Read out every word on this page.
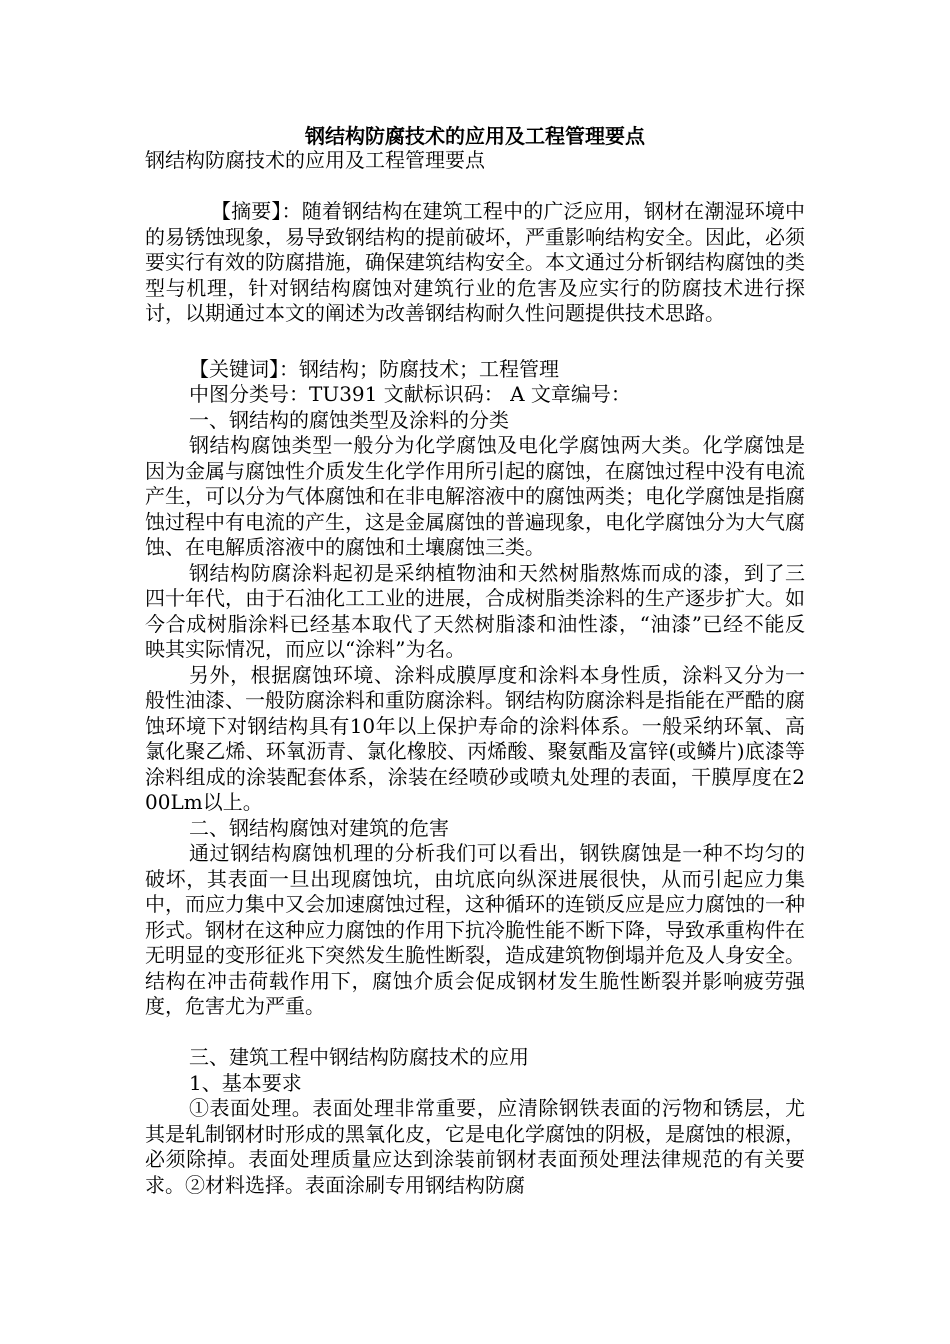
钢结构防腐技术的应用及工程管理要点

钢结构防腐技术的应用及工程管理要点

【摘要】：随着钢结构在建筑工程中的广泛应用，钢材在潮湿环境中的易锈蚀现象，易导致钢结构的提前破坏，严重影响结构安全。因此，必须要实行有效的防腐措施，确保建筑结构安全。本文通过分析钢结构腐蚀的类型与机理，针对钢结构腐蚀对建筑行业的危害及应实行的防腐技术进行探讨，以期通过本文的阐述为改善钢结构耐久性问题提供技术思路。

【关键词】：钢结构；防腐技术；工程管理

中图分类号：TU391 文献标识码： A 文章编号：

一、钢结构的腐蚀类型及涂料的分类

钢结构腐蚀类型一般分为化学腐蚀及电化学腐蚀两大类。化学腐蚀是因为金属与腐蚀性介质发生化学作用所引起的腐蚀，在腐蚀过程中没有电流产生，可以分为气体腐蚀和在非电解溶液中的腐蚀两类；电化学腐蚀是指腐蚀过程中有电流的产生，这是金属腐蚀的普遍现象，电化学腐蚀分为大气腐蚀、在电解质溶液中的腐蚀和土壤腐蚀三类。

钢结构防腐涂料起初是采纳植物油和天然树脂熬炼而成的漆，到了三四十年代，由于石油化工工业的进展，合成树脂类涂料的生产逐步扩大。如今合成树脂涂料已经基本取代了天然树脂漆和油性漆，“油漆”已经不能反映其实际情况，而应以“涂料”为名。

另外，根据腐蚀环境、涂料成膜厚度和涂料本身性质，涂料又分为一般性油漆、一般防腐涂料和重防腐涂料。钢结构防腐涂料是指能在严酷的腐蚀环境下对钢结构具有10年以上保护寿命的涂料体系。一般采纳环氧、高氯化聚乙烯、环氧沥青、氯化橡胶、丙烯酸、聚氨酯及富锌(或鳞片)底漆等涂料组成的涂装配套体系，涂装在经喷砂或喷丸处理的表面，干膜厚度在200Lm以上。

二、钢结构腐蚀对建筑的危害

通过钢结构腐蚀机理的分析我们可以看出，钢铁腐蚀是一种不均匀的破坏，其表面一旦出现腐蚀坑，由坑底向纵深进展很快，从而引起应力集中，而应力集中又会加速腐蚀过程，这种循环的连锁反应是应力腐蚀的一种形式。钢材在这种应力腐蚀的作用下抗冷脆性能不断下降，导致承重构件在无明显的变形征兆下突然发生脆性断裂，造成建筑物倒塌并危及人身安全。结构在冲击荷载作用下，腐蚀介质会促成钢材发生脆性断裂并影响疲劳强度，危害尤为严重。

三、建筑工程中钢结构防腐技术的应用

1、基本要求

①表面处理。表面处理非常重要，应清除钢铁表面的污物和锈层，尤其是轧制钢材时形成的黑氧化皮，它是电化学腐蚀的阴极，是腐蚀的根源，必须除掉。表面处理质量应达到涂装前钢材表面预处理法律规范的有关要求。②材料选择。表面涂刷专用钢结构防腐
